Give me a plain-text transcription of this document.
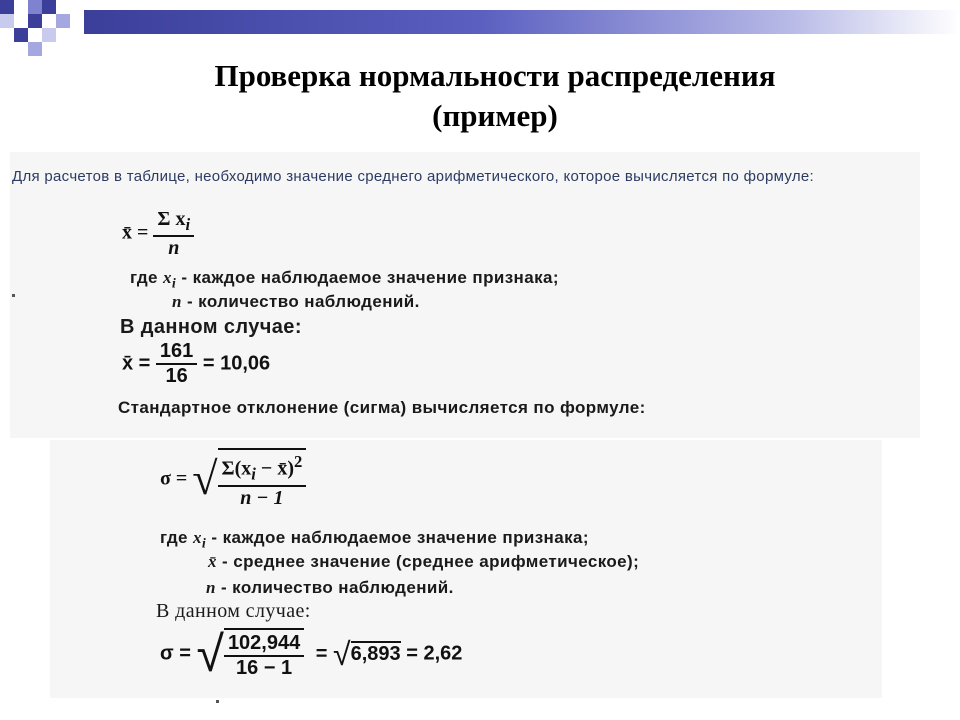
Проверка нормальности распределения
(пример)
Для расчетов в таблице, необходимо значение среднего арифметического, которое вычисляется по формуле:
x̄ = $\frac{\Sigma x_i}{n}$
где $x_i$ - каждое наблюдаемое значение признака;
n - количество наблюдений.
В данном случае:
x̄ = $\frac{161}{16} = 10,06$
Стандартное отклонение (сигма) вычисляется по формуле:
σ = √ $\frac{\Sigma(x_i - x̄)^2}{n - 1}$
где $x_i$ - каждое наблюдаемое значение признака;
x̄ - среднее значение (среднее арифметическое);
n - количество наблюдений.
В данном случае:
σ = √ $\frac{102,944}{16 - 1} = √6,893 = 2,62$
